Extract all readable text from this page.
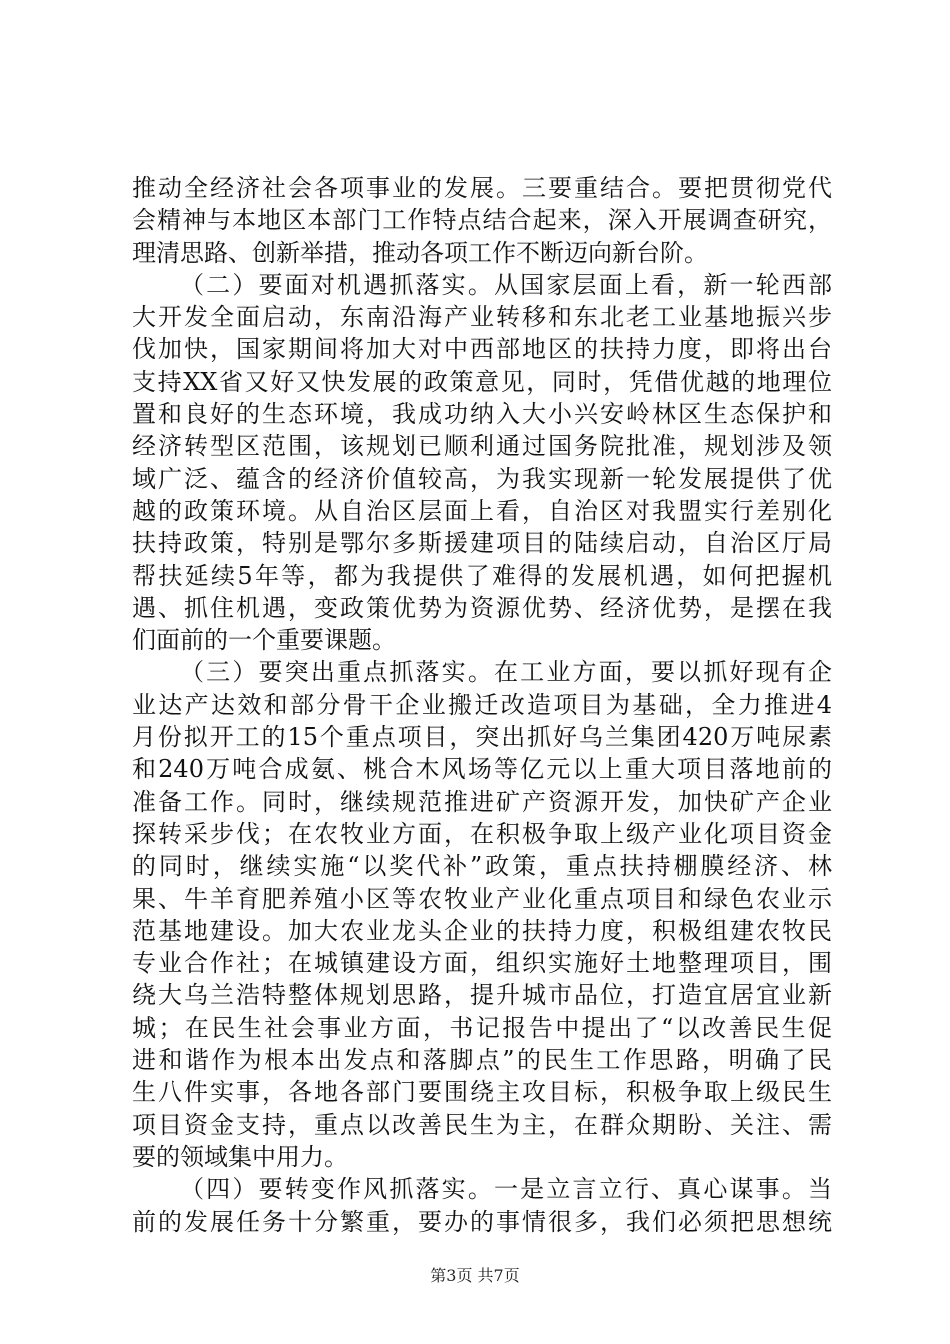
推动全经济社会各项事业的发展。三要重结合。要把贯彻党代
会精神与本地区本部门工作特点结合起来，深入开展调查研究，
理清思路、创新举措，推动各项工作不断迈向新台阶。
（二）要面对机遇抓落实。从国家层面上看，新一轮西部
大开发全面启动，东南沿海产业转移和东北老工业基地振兴步
伐加快，国家期间将加大对中西部地区的扶持力度，即将出台
支持XX省又好又快发展的政策意见，同时，凭借优越的地理位
置和良好的生态环境，我成功纳入大小兴安岭林区生态保护和
经济转型区范围，该规划已顺利通过国务院批准，规划涉及领
域广泛、蕴含的经济价值较高，为我实现新一轮发展提供了优
越的政策环境。从自治区层面上看，自治区对我盟实行差别化
扶持政策，特别是鄂尔多斯援建项目的陆续启动，自治区厅局
帮扶延续5年等，都为我提供了难得的发展机遇，如何把握机
遇、抓住机遇，变政策优势为资源优势、经济优势，是摆在我
们面前的一个重要课题。
（三）要突出重点抓落实。在工业方面，要以抓好现有企
业达产达效和部分骨干企业搬迁改造项目为基础，全力推进4
月份拟开工的15个重点项目，突出抓好乌兰集团420万吨尿素
和240万吨合成氨、桃合木风场等亿元以上重大项目落地前的
准备工作。同时，继续规范推进矿产资源开发，加快矿产企业
探转采步伐；在农牧业方面，在积极争取上级产业化项目资金
的同时，继续实施“以奖代补”政策，重点扶持棚膜经济、林
果、牛羊育肥养殖小区等农牧业产业化重点项目和绿色农业示
范基地建设。加大农业龙头企业的扶持力度，积极组建农牧民
专业合作社；在城镇建设方面，组织实施好土地整理项目，围
绕大乌兰浩特整体规划思路，提升城市品位，打造宜居宜业新
城；在民生社会事业方面，书记报告中提出了“以改善民生促
进和谐作为根本出发点和落脚点”的民生工作思路，明确了民
生八件实事，各地各部门要围绕主攻目标，积极争取上级民生
项目资金支持，重点以改善民生为主，在群众期盼、关注、需
要的领域集中用力。
（四）要转变作风抓落实。一是立言立行、真心谋事。当
前的发展任务十分繁重，要办的事情很多，我们必须把思想统
第3页 共7页
